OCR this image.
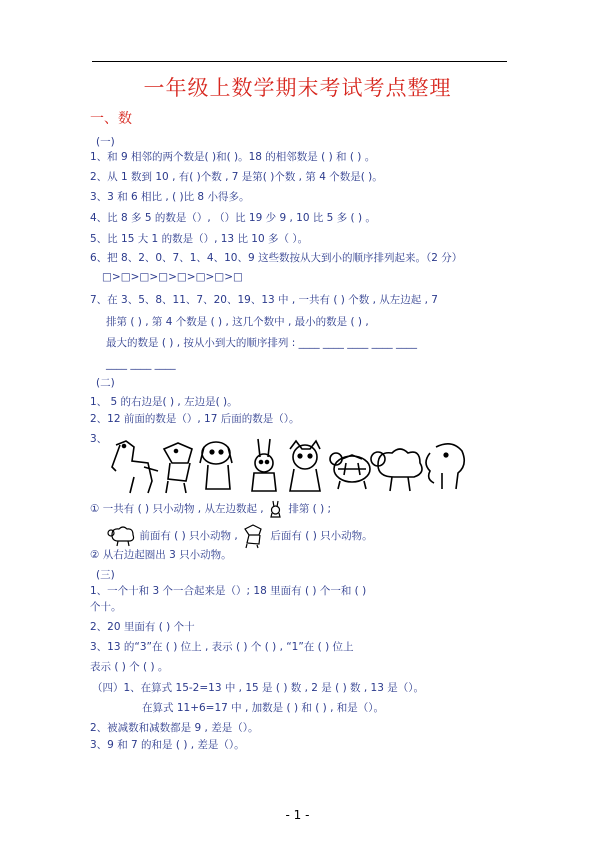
一年级上数学期末考试考点整理
一、数
(一)
1、和 9 相邻的两个数是( )和( )。18 的相邻数是 ( ) 和 ( ) 。
2、从 1 数到 10 , 有( )个数 , 7 是第( )个数 , 第 4 个数是( )。
3、3 和 6 相比 , ( )比 8 小得多。
4、比 8 多 5 的数是（）, （）比 19 少 9 , 10 比 5 多 ( ) 。
5、比 15 大 1 的数是（）, 13 比 10 多（ ）。
6、把 8、2、0、7、1、4、10、9 这些数按从大到小的顺序排列起来。（2 分）
□>□>□>□>□>□>□>□
7、在 3、5、8、11、7、20、19、13 中 , 一共有 ( ) 个数 , 从左边起 , 7
排第 ( ) , 第 4 个数是 ( ) , 这几个数中 , 最小的数是 ( ) ,
最大的数是 ( ) , 按从小到大的顺序排列 : ____ ____ ____ ____ ____
____ ____ ____
(二)
1、 5 的右边是( ) , 左边是( )。
2、12 前面的数是（）, 17 后面的数是（）。
3、
① 一共有 ( ) 只小动物 , 从左边数起 , 排第 ( ) ;
前面有 ( ) 只小动物 ,	后面有 ( ) 只小动物。
② 从右边起圈出 3 只小动物。
(三)
1、一个十和 3 个一合起来是（）; 18 里面有 ( ) 个一和 ( )
个十。
2、20 里面有 ( ) 个十
3、13 的“3”在 ( ) 位上 , 表示 ( ) 个 ( ) , “1”在 ( ) 位上
表示 ( ) 个 ( ) 。
（四）1、在算式 15-2=13 中 , 15 是 ( ) 数 , 2 是 ( ) 数 , 13 是（）。
在算式 11+6=17 中 , 加数是 ( ) 和 ( ) , 和是（）。
2、被减数和减数都是 9 , 差是（）。
3、9 和 7 的和是 ( ) , 差是（）。
- 1 -
